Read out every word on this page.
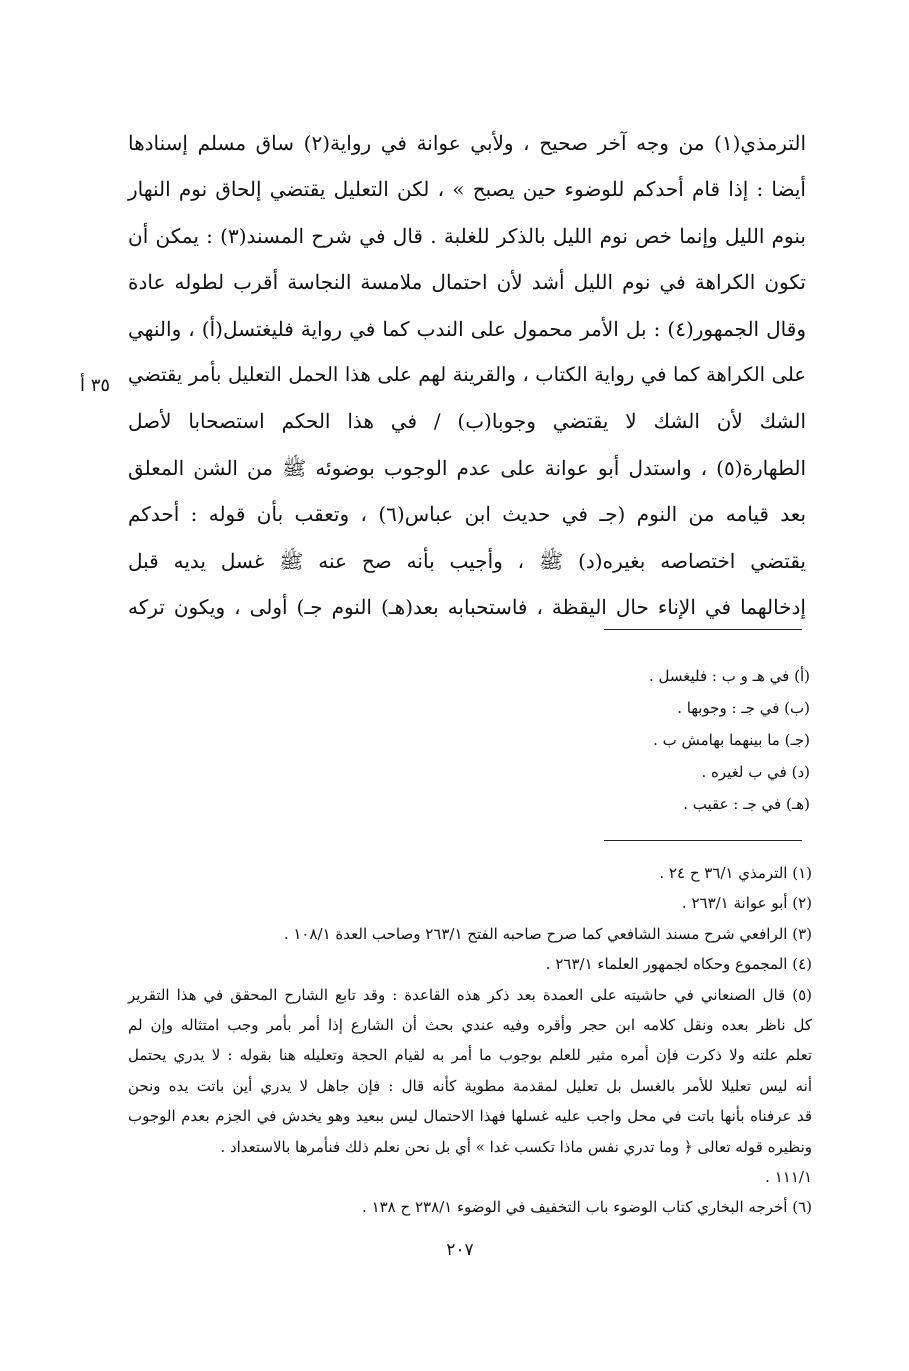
الترمذي(١) من وجه آخر صحيح ، ولأبي عوانة في رواية(٢) ساق مسلم إسنادها
أيضا : إذا قام أحدكم للوضوء حين يصبح » ، لكن التعليل يقتضي إلحاق نوم النهار
بنوم الليل وإنما خص نوم الليل بالذكر للغلبة . قال في شرح المسند(٣) : يمكن أن
تكون الكراهة في نوم الليل أشد لأن احتمال ملامسة النجاسة أقرب لطوله عادة
وقال الجمهور(٤) : بل الأمر محمول على الندب كما في رواية فليغتسل(أ) ، والنهي
على الكراهة كما في رواية الكتاب ، والقرينة لهم على هذا الحمل التعليل بأمر يقتضي
الشك لأن الشك لا يقتضي وجوبا(ب) / في هذا الحكم استصحابا لأصل
الطهارة(٥) ، واستدل أبو عوانة على عدم الوجوب بوضوئه ﷺ من الشن المعلق
بعد قيامه من النوم (جـ في حديث ابن عباس(٦) ، وتعقب بأن قوله : أحدكم
يقتضي اختصاصه بغيره(د) ﷺ ، وأجيب بأنه صح عنه ﷺ غسل يديه قبل
إدخالهما في الإناء حال اليقظة ، فاستحبابه بعد(هـ) النوم جـ) أولى ، ويكون تركه
٣٥ أ
(أ) في هـ و ب : فليغسل .
(ب) في جـ : وجوبها .
(جـ) ما بينهما بهامش ب .
(د) في ب لغيره .
(هـ) في جـ : عقيب .
(١) الترمذي ٣٦/١ ح ٢٤ .
(٢) أبو عوانة ٢٦٣/١ .
(٣) الرافعي شرح مسند الشافعي كما صرح صاحبه الفتح ٢٦٣/١ وصاحب العدة ١٠٨/١ .
(٤) المجموع وحكاه لجمهور العلماء ٢٦٣/١ .
(٥) قال الصنعاني في حاشيته على العمدة بعد ذكر هذه القاعدة : وقد تابع الشارح المحقق في هذا التقرير
كل ناظر بعده ونقل كلامه ابن حجر وأقره وفيه عندي بحث أن الشارع إذا أمر بأمر وجب امتثاله وإن لم
تعلم علته ولا ذكرت فإن أمره مثير للعلم بوجوب ما أمر به لقيام الحجة وتعليله هنا بقوله : لا يدري يحتمل
أنه ليس تعليلا للأمر بالغسل بل تعليل لمقدمة مطوية كأنه قال : فإن جاهل لا يدري أين باتت يده ونحن
قد عرفناه بأنها باتت في محل واجب عليه غسلها فهذا الاحتمال ليس ببعيد وهو يخدش في الجزم بعدم الوجوب
ونظيره قوله تعالى ﴿ وما تدري نفس ماذا تكسب غدا » أي بل نحن نعلم ذلك فنأمرها بالاستعداد .
١١١/١ .
(٦) أخرجه البخاري كتاب الوضوء باب التخفيف في الوضوء ٢٣٨/١ ح ١٣٨ .
٢٠٧
